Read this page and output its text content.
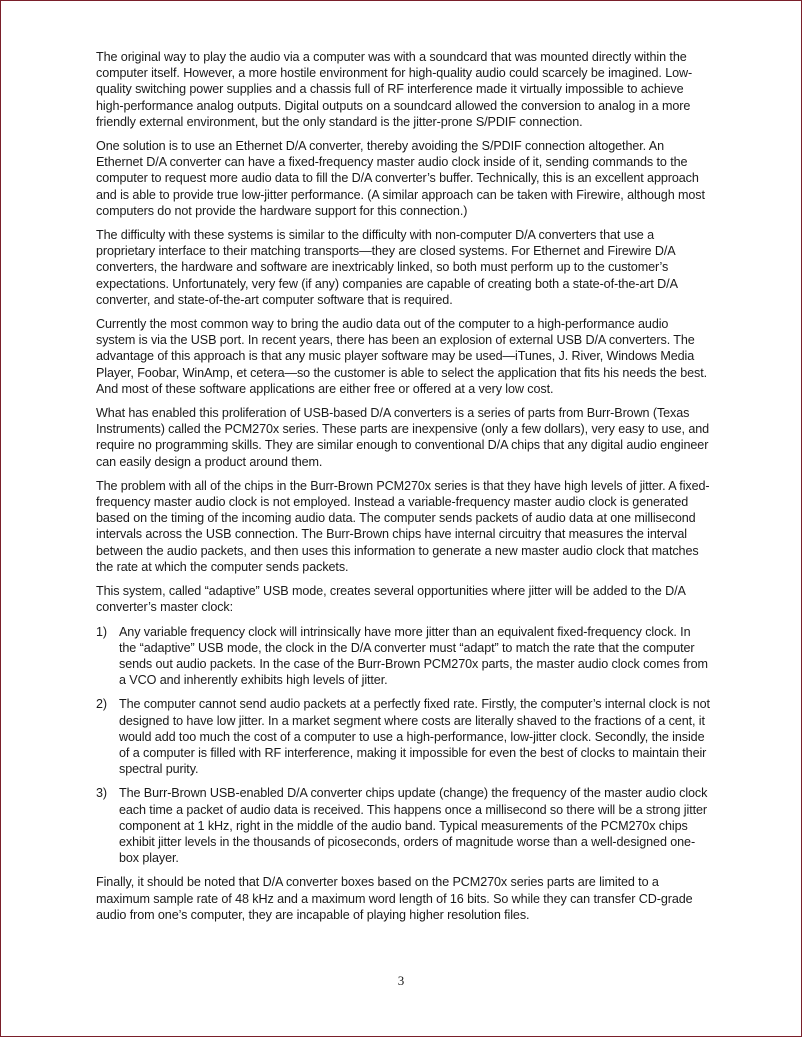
The original way to play the audio via a computer was with a soundcard that was mounted directly within the computer itself. However, a more hostile environment for high-quality audio could scarcely be imagined. Low-quality switching power supplies and a chassis full of RF interference made it virtually impossible to achieve high-performance analog outputs. Digital outputs on a soundcard allowed the conversion to analog in a more friendly external environment, but the only standard is the jitter-prone S/PDIF connection.

One solution is to use an Ethernet D/A converter, thereby avoiding the S/PDIF connection altogether. An Ethernet D/A converter can have a fixed-frequency master audio clock inside of it, sending commands to the computer to request more audio data to fill the D/A converter’s buffer. Technically, this is an excellent approach and is able to provide true low-jitter performance. (A similar approach can be taken with Firewire, although most computers do not provide the hardware support for this connection.)

The difficulty with these systems is similar to the difficulty with non-computer D/A converters that use a proprietary interface to their matching transports—they are closed systems. For Ethernet and Firewire D/A converters, the hardware and software are inextricably linked, so both must perform up to the customer’s expectations. Unfortunately, very few (if any) companies are capable of creating both a state-of-the-art D/A converter, and state-of-the-art computer software that is required.

Currently the most common way to bring the audio data out of the computer to a high-performance audio system is via the USB port. In recent years, there has been an explosion of external USB D/A converters. The advantage of this approach is that any music player software may be used—iTunes, J. River, Windows Media Player, Foobar, WinAmp, et cetera—so the customer is able to select the application that fits his needs the best. And most of these software applications are either free or offered at a very low cost.

What has enabled this proliferation of USB-based D/A converters is a series of parts from Burr-Brown (Texas Instruments) called the PCM270x series. These parts are inexpensive (only a few dollars), very easy to use, and require no programming skills. They are similar enough to conventional D/A chips that any digital audio engineer can easily design a product around them.

The problem with all of the chips in the Burr-Brown PCM270x series is that they have high levels of jitter. A fixed-frequency master audio clock is not employed. Instead a variable-frequency master audio clock is generated based on the timing of the incoming audio data. The computer sends packets of audio data at one millisecond intervals across the USB connection. The Burr-Brown chips have internal circuitry that measures the interval between the audio packets, and then uses this information to generate a new master audio clock that matches the rate at which the computer sends packets.

This system, called “adaptive” USB mode, creates several opportunities where jitter will be added to the D/A converter’s master clock:

1) Any variable frequency clock will intrinsically have more jitter than an equivalent fixed-frequency clock. In the “adaptive” USB mode, the clock in the D/A converter must “adapt” to match the rate that the computer sends out audio packets. In the case of the Burr-Brown PCM270x parts, the master audio clock comes from a VCO and inherently exhibits high levels of jitter.
2) The computer cannot send audio packets at a perfectly fixed rate. Firstly, the computer’s internal clock is not designed to have low jitter. In a market segment where costs are literally shaved to the fractions of a cent, it would add too much the cost of a computer to use a high-performance, low-jitter clock. Secondly, the inside of a computer is filled with RF interference, making it impossible for even the best of clocks to maintain their spectral purity.
3) The Burr-Brown USB-enabled D/A converter chips update (change) the frequency of the master audio clock each time a packet of audio data is received. This happens once a millisecond so there will be a strong jitter component at 1 kHz, right in the middle of the audio band. Typical measurements of the PCM270x chips exhibit jitter levels in the thousands of picoseconds, orders of magnitude worse than a well-designed one-box player.

Finally, it should be noted that D/A converter boxes based on the PCM270x series parts are limited to a maximum sample rate of 48 kHz and a maximum word length of 16 bits. So while they can transfer CD-grade audio from one’s computer, they are incapable of playing higher resolution files.

3
